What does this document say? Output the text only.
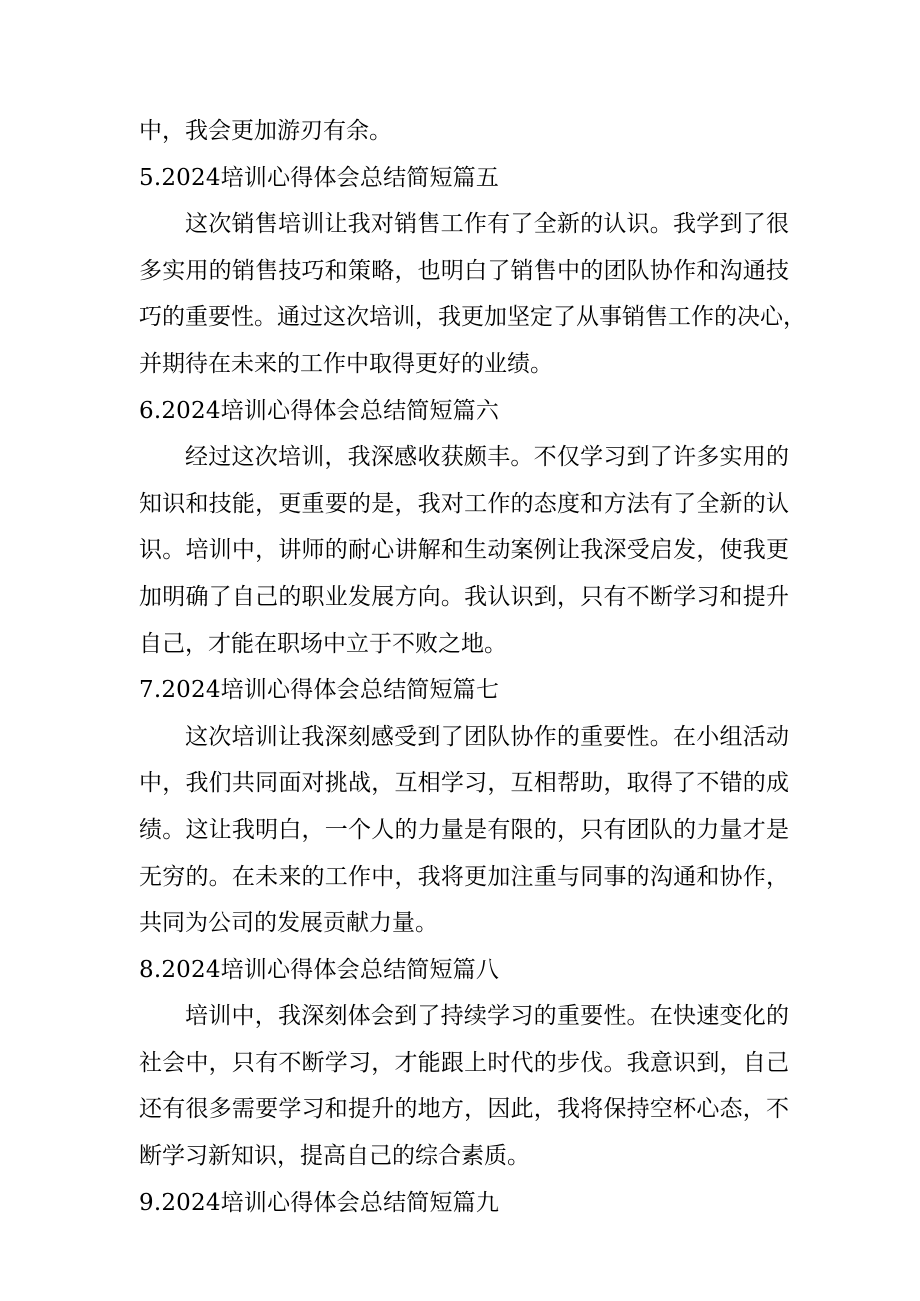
中，我会更加游刃有余。
5.2024培训心得体会总结简短篇五
这次销售培训让我对销售工作有了全新的认识。我学到了很
多实用的销售技巧和策略，也明白了销售中的团队协作和沟通技
巧的重要性。通过这次培训，我更加坚定了从事销售工作的决心，
并期待在未来的工作中取得更好的业绩。
6.2024培训心得体会总结简短篇六
经过这次培训，我深感收获颇丰。不仅学习到了许多实用的
知识和技能，更重要的是，我对工作的态度和方法有了全新的认
识。培训中，讲师的耐心讲解和生动案例让我深受启发，使我更
加明确了自己的职业发展方向。我认识到，只有不断学习和提升
自己，才能在职场中立于不败之地。
7.2024培训心得体会总结简短篇七
这次培训让我深刻感受到了团队协作的重要性。在小组活动
中，我们共同面对挑战，互相学习，互相帮助，取得了不错的成
绩。这让我明白，一个人的力量是有限的，只有团队的力量才是
无穷的。在未来的工作中，我将更加注重与同事的沟通和协作，
共同为公司的发展贡献力量。
8.2024培训心得体会总结简短篇八
培训中，我深刻体会到了持续学习的重要性。在快速变化的
社会中，只有不断学习，才能跟上时代的步伐。我意识到，自己
还有很多需要学习和提升的地方，因此，我将保持空杯心态，不
断学习新知识，提高自己的综合素质。
9.2024培训心得体会总结简短篇九
